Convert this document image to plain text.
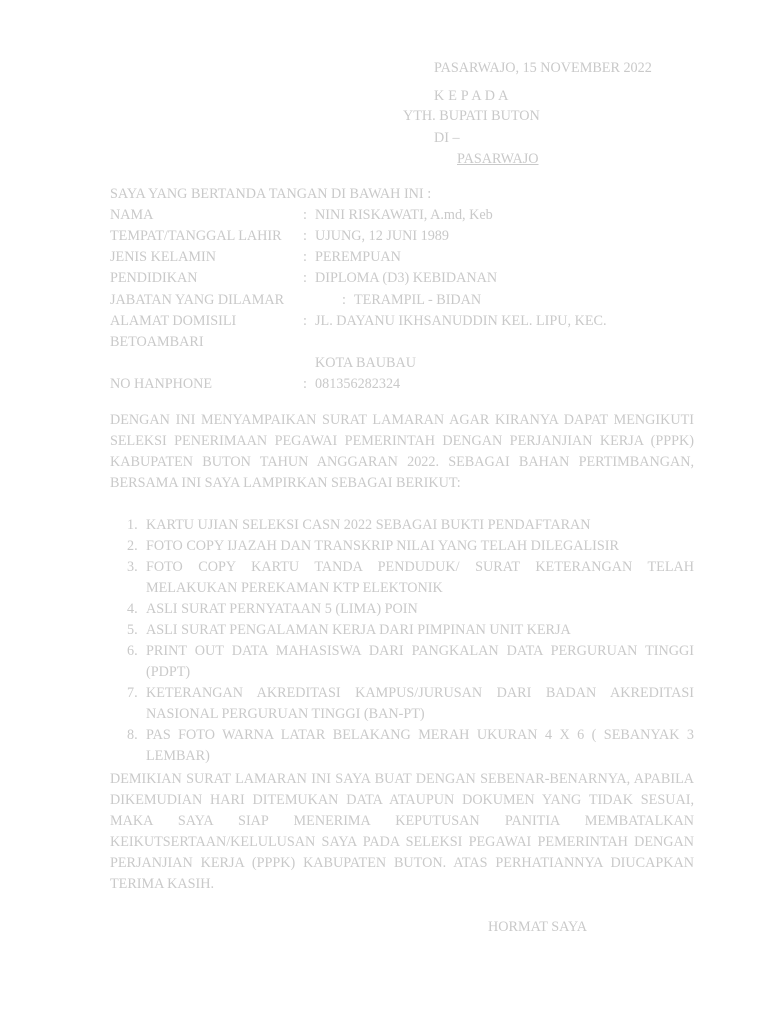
PASARWAJO, 15 NOVEMBER 2022
K E P A D A
YTH. BUPATI BUTON
DI –
PASARWAJO
SAYA YANG BERTANDA TANGAN DI BAWAH INI :
NAMA	: NINI RISKAWATI, A.md, Keb
TEMPAT/TANGGAL LAHIR : UJUNG, 12 JUNI 1989
JENIS KELAMIN	: PEREMPUAN
PENDIDIKAN	: DIPLOMA (D3) KEBIDANAN
JABATAN YANG DILAMAR	: TERAMPIL - BIDAN
ALAMAT DOMISILI	: JL. DAYANU IKHSANUDDIN KEL. LIPU, KEC.
BETOAMBARI
KOTA BAUBAU
NO HANPHONE	: 081356282324
DENGAN INI MENYAMPAIKAN SURAT LAMARAN AGAR KIRANYA DAPAT MENGIKUTI SELEKSI PENERIMAAN PEGAWAI PEMERINTAH DENGAN PERJANJIAN KERJA (PPPK) KABUPATEN BUTON TAHUN ANGGARAN 2022. SEBAGAI BAHAN PERTIMBANGAN, BERSAMA INI SAYA LAMPIRKAN SEBAGAI BERIKUT:
1. KARTU UJIAN SELEKSI CASN 2022 SEBAGAI BUKTI PENDAFTARAN
2. FOTO COPY IJAZAH DAN TRANSKRIP NILAI YANG TELAH DILEGALISIR
3. FOTO COPY KARTU TANDA PENDUDUK/ SURAT KETERANGAN TELAH MELAKUKAN PEREKAMAN KTP ELEKTONIK
4. ASLI SURAT PERNYATAAN 5 (LIMA) POIN
5. ASLI SURAT PENGALAMAN KERJA DARI PIMPINAN UNIT KERJA
6. PRINT OUT DATA MAHASISWA DARI PANGKALAN DATA PERGURUAN TINGGI (PDPT)
7. KETERANGAN AKREDITASI KAMPUS/JURUSAN DARI BADAN AKREDITASI NASIONAL PERGURUAN TINGGI (BAN-PT)
8. PAS FOTO WARNA LATAR BELAKANG MERAH UKURAN 4 X 6 ( SEBANYAK 3 LEMBAR)
DEMIKIAN SURAT LAMARAN INI SAYA BUAT DENGAN SEBENAR-BENARNYA, APABILA DIKEMUDIAN HARI DITEMUKAN DATA ATAUPUN DOKUMEN YANG TIDAK SESUAI, MAKA SAYA SIAP MENERIMA KEPUTUSAN PANITIA MEMBATALKAN KEIKUTSERTAAN/KELULUSAN SAYA PADA SELEKSI PEGAWAI PEMERINTAH DENGAN PERJANJIAN KERJA (PPPK) KABUPATEN BUTON. ATAS PERHATIANNYA DIUCAPKAN TERIMA KASIH.
HORMAT SAYA
